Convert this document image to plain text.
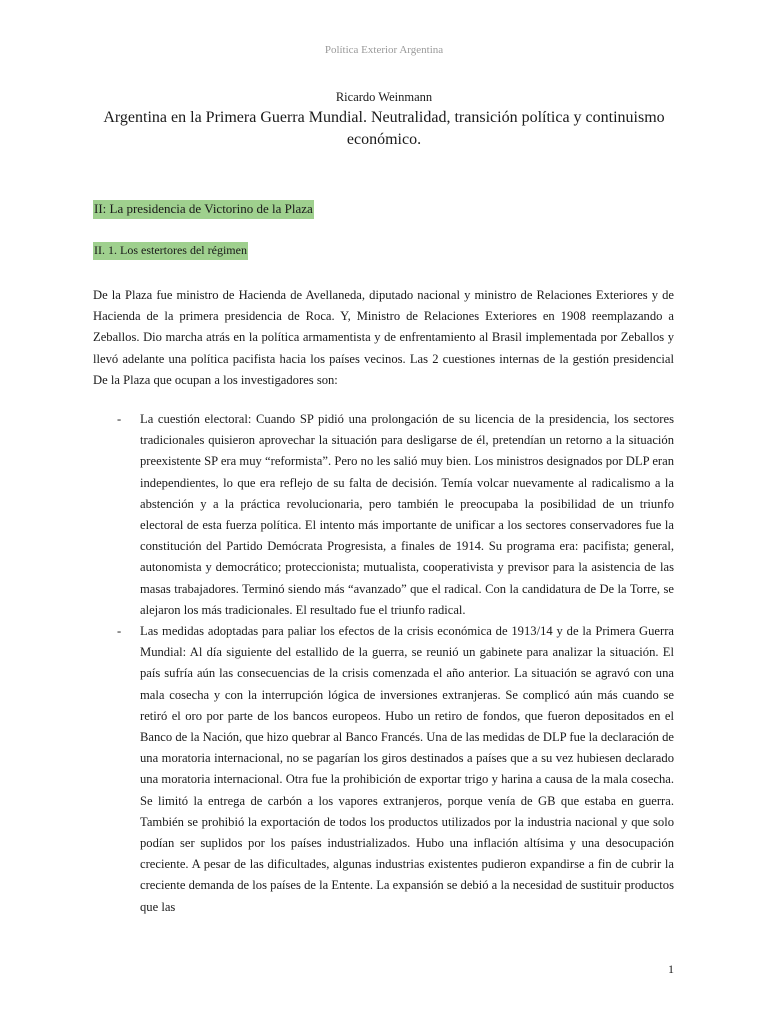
Política Exterior Argentina
Ricardo Weinmann
Argentina en la Primera Guerra Mundial. Neutralidad, transición política y continuismo económico.
II: La presidencia de Victorino de la Plaza
II. 1. Los estertores del régimen

De la Plaza fue ministro de Hacienda de Avellaneda, diputado nacional y ministro de Relaciones Exteriores y de Hacienda de la primera presidencia de Roca. Y, Ministro de Relaciones Exteriores en 1908 reemplazando a Zeballos. Dio marcha atrás en la política armamentista y de enfrentamiento al Brasil implementada por Zeballos y llevó adelante una política pacifista hacia los países vecinos. Las 2 cuestiones internas de la gestión presidencial De la Plaza que ocupan a los investigadores son:

- La cuestión electoral: Cuando SP pidió una prolongación de su licencia de la presidencia, los sectores tradicionales quisieron aprovechar la situación para desligarse de él, pretendían un retorno a la situación preexistente SP era muy “reformista”. Pero no les salió muy bien. Los ministros designados por DLP eran independientes, lo que era reflejo de su falta de decisión. Temía volcar nuevamente al radicalismo a la abstención y a la práctica revolucionaria, pero también le preocupaba la posibilidad de un triunfo electoral de esta fuerza política. El intento más importante de unificar a los sectores conservadores fue la constitución del Partido Demócrata Progresista, a finales de 1914. Su programa era: pacifista; general, autonomista y democrático; proteccionista; mutualista, cooperativista y previsor para la asistencia de las masas trabajadores. Terminó siendo más “avanzado” que el radical. Con la candidatura de De la Torre, se alejaron los más tradicionales. El resultado fue el triunfo radical.
- Las medidas adoptadas para paliar los efectos de la crisis económica de 1913/14 y de la Primera Guerra Mundial: Al día siguiente del estallido de la guerra, se reunió un gabinete para analizar la situación. El país sufría aún las consecuencias de la crisis comenzada el año anterior. La situación se agravó con una mala cosecha y con la interrupción lógica de inversiones extranjeras. Se complicó aún más cuando se retiró el oro por parte de los bancos europeos. Hubo un retiro de fondos, que fueron depositados en el Banco de la Nación, que hizo quebrar al Banco Francés. Una de las medidas de DLP fue la declaración de una moratoria internacional, no se pagarían los giros destinados a países que a su vez hubiesen declarado una moratoria internacional. Otra fue la prohibición de exportar trigo y harina a causa de la mala cosecha. Se limitó la entrega de carbón a los vapores extranjeros, porque venía de GB que estaba en guerra. También se prohibió la exportación de todos los productos utilizados por la industria nacional y que solo podían ser suplidos por los países industrializados. Hubo una inflación altísima y una desocupación creciente. A pesar de las dificultades, algunas industrias existentes pudieron expandirse a fin de cubrir la creciente demanda de los países de la Entente. La expansión se debió a la necesidad de sustituir productos que las
1
